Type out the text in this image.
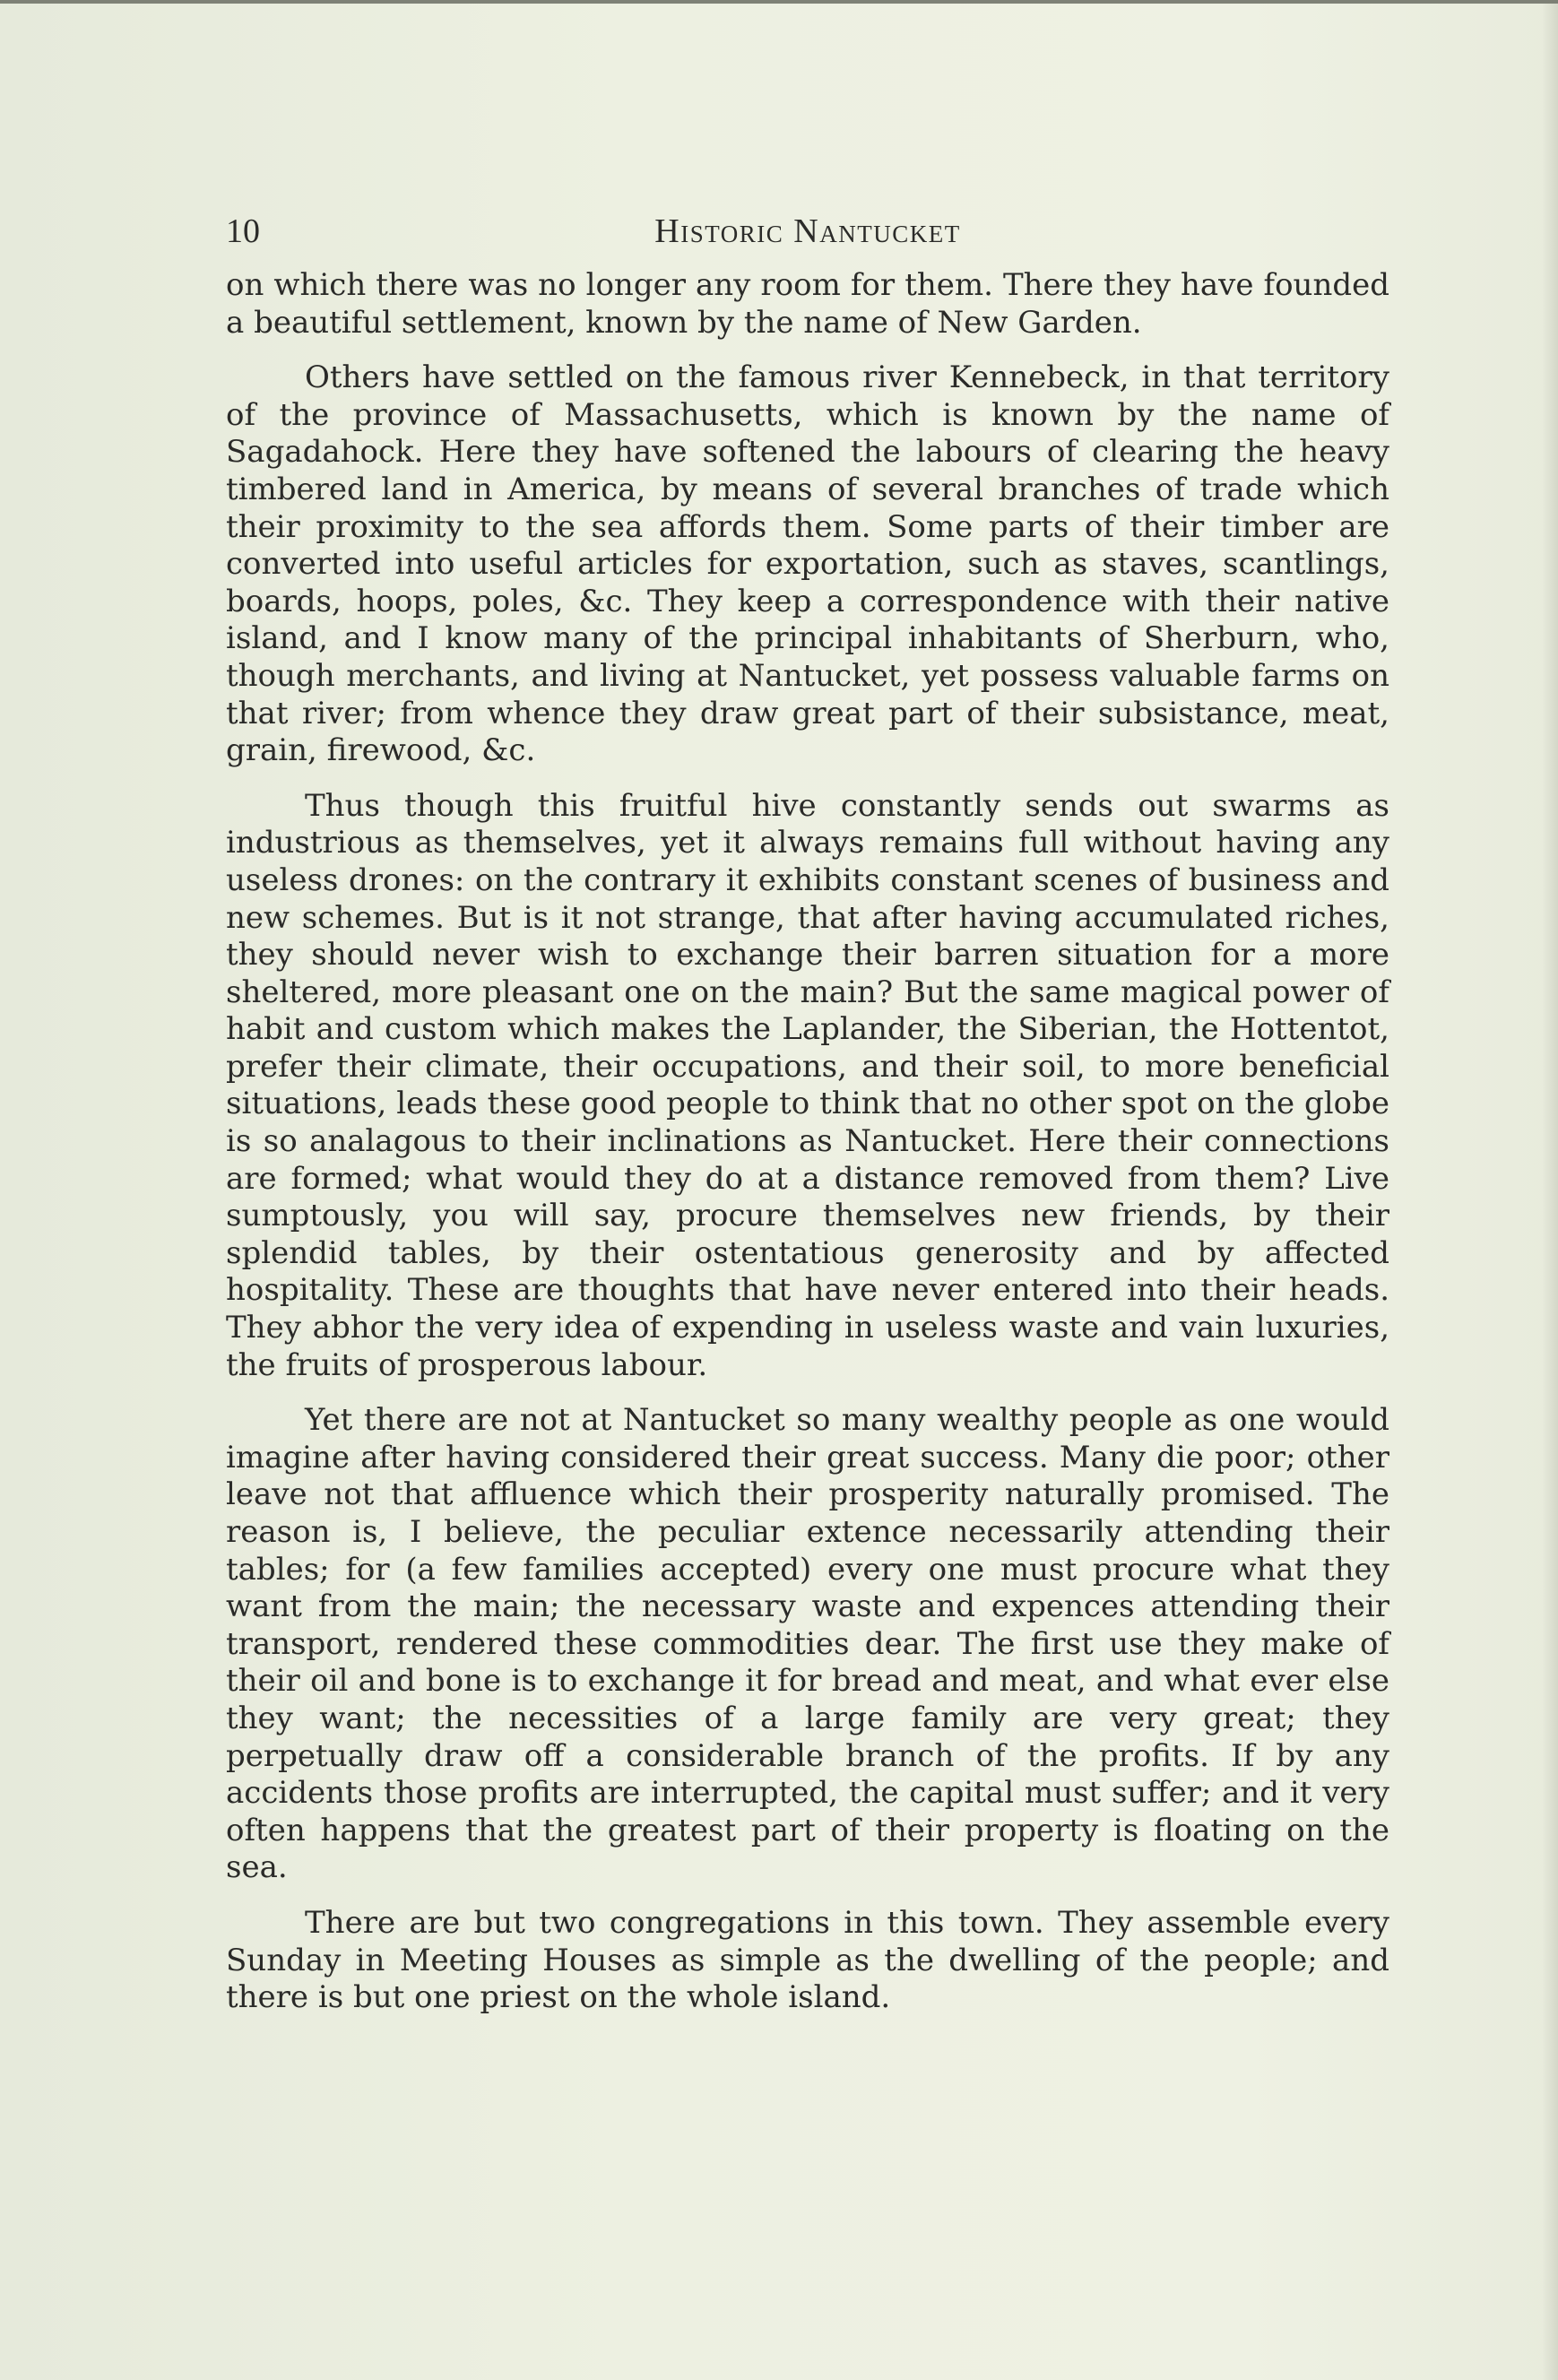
10	Historic Nantucket

on which there was no longer any room for them. There they have founded a beautiful settlement, known by the name of New Garden.

Others have settled on the famous river Kennebeck, in that territory of the province of Massachusetts, which is known by the name of Sagadahock. Here they have softened the labours of clearing the heavy timbered land in America, by means of several branches of trade which their proximity to the sea affords them. Some parts of their timber are converted into useful articles for exportation, such as staves, scantlings, boards, hoops, poles, &c. They keep a correspondence with their native island, and I know many of the principal inhabitants of Sherburn, who, though merchants, and living at Nantucket, yet possess valuable farms on that river; from whence they draw great part of their subsistance, meat, grain, firewood, &c.

Thus though this fruitful hive constantly sends out swarms as industrious as themselves, yet it always remains full without having any useless drones: on the contrary it exhibits constant scenes of business and new schemes. But is it not strange, that after having accumulated riches, they should never wish to exchange their barren situation for a more sheltered, more pleasant one on the main? But the same magical power of habit and custom which makes the Laplander, the Siberian, the Hottentot, prefer their climate, their occupations, and their soil, to more beneficial situations, leads these good people to think that no other spot on the globe is so analagous to their inclinations as Nantucket. Here their connections are formed; what would they do at a distance removed from them? Live sumptously, you will say, procure themselves new friends, by their splendid tables, by their ostentatious generosity and by affected hospitality. These are thoughts that have never entered into their heads. They abhor the very idea of expending in useless waste and vain luxuries, the fruits of prosperous labour.

Yet there are not at Nantucket so many wealthy people as one would imagine after having considered their great success. Many die poor; other leave not that affluence which their prosperity naturally promised. The reason is, I believe, the peculiar extence necessarily attending their tables; for (a few families accepted) every one must procure what they want from the main; the necessary waste and expences attending their transport, rendered these commodities dear. The first use they make of their oil and bone is to exchange it for bread and meat, and what ever else they want; the necessities of a large family are very great; they perpetually draw off a considerable branch of the profits. If by any accidents those profits are interrupted, the capital must suffer; and it very often happens that the greatest part of their property is floating on the sea.

There are but two congregations in this town. They assemble every Sunday in Meeting Houses as simple as the dwelling of the people; and there is but one priest on the whole island.
